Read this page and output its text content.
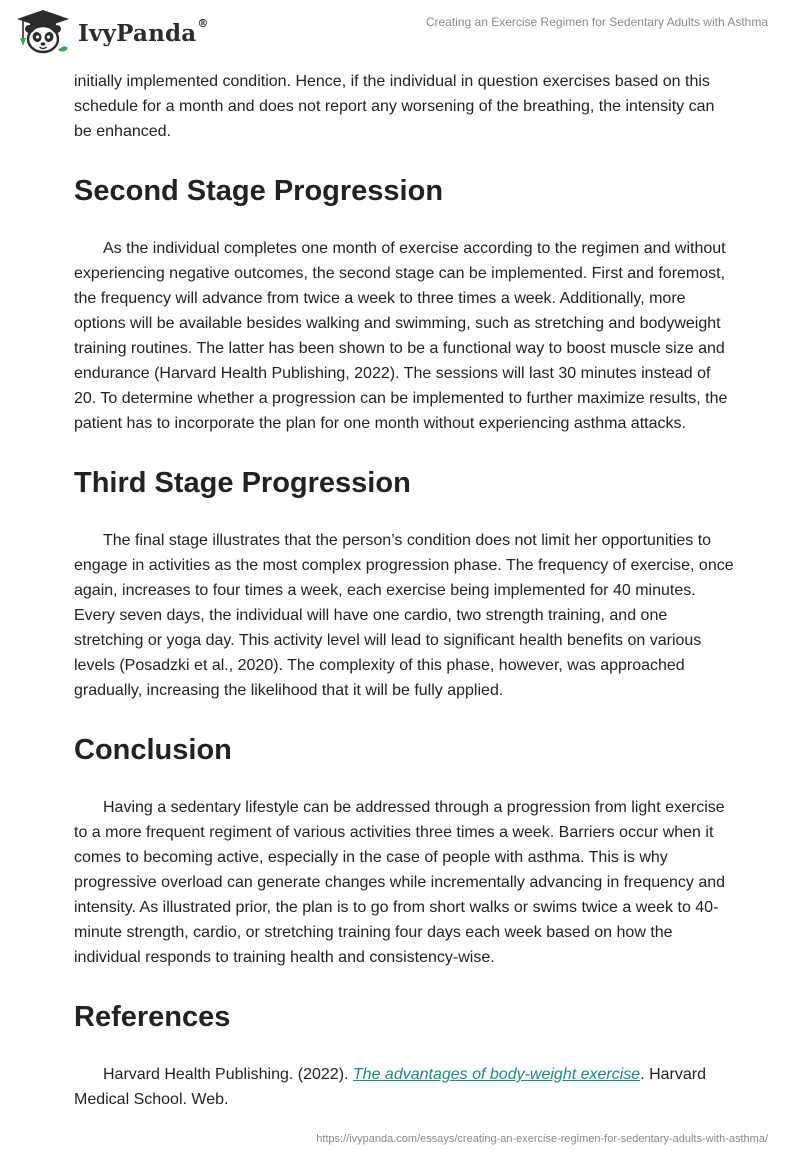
IvyPanda®	Creating an Exercise Regimen for Sedentary Adults with Asthma

initially implemented condition. Hence, if the individual in question exercises based on this schedule for a month and does not report any worsening of the breathing, the intensity can be enhanced.

Second Stage Progression

As the individual completes one month of exercise according to the regimen and without experiencing negative outcomes, the second stage can be implemented. First and foremost, the frequency will advance from twice a week to three times a week. Additionally, more options will be available besides walking and swimming, such as stretching and bodyweight training routines. The latter has been shown to be a functional way to boost muscle size and endurance (Harvard Health Publishing, 2022). The sessions will last 30 minutes instead of 20. To determine whether a progression can be implemented to further maximize results, the patient has to incorporate the plan for one month without experiencing asthma attacks.

Third Stage Progression

The final stage illustrates that the person’s condition does not limit her opportunities to engage in activities as the most complex progression phase. The frequency of exercise, once again, increases to four times a week, each exercise being implemented for 40 minutes. Every seven days, the individual will have one cardio, two strength training, and one stretching or yoga day. This activity level will lead to significant health benefits on various levels (Posadzki et al., 2020). The complexity of this phase, however, was approached gradually, increasing the likelihood that it will be fully applied.

Conclusion

Having a sedentary lifestyle can be addressed through a progression from light exercise to a more frequent regiment of various activities three times a week. Barriers occur when it comes to becoming active, especially in the case of people with asthma. This is why progressive overload can generate changes while incrementally advancing in frequency and intensity. As illustrated prior, the plan is to go from short walks or swims twice a week to 40-minute strength, cardio, or stretching training four days each week based on how the individual responds to training health and consistency-wise.

References

Harvard Health Publishing. (2022). The advantages of body-weight exercise. Harvard Medical School. Web.

https://ivypanda.com/essays/creating-an-exercise-regimen-for-sedentary-adults-with-asthma/
